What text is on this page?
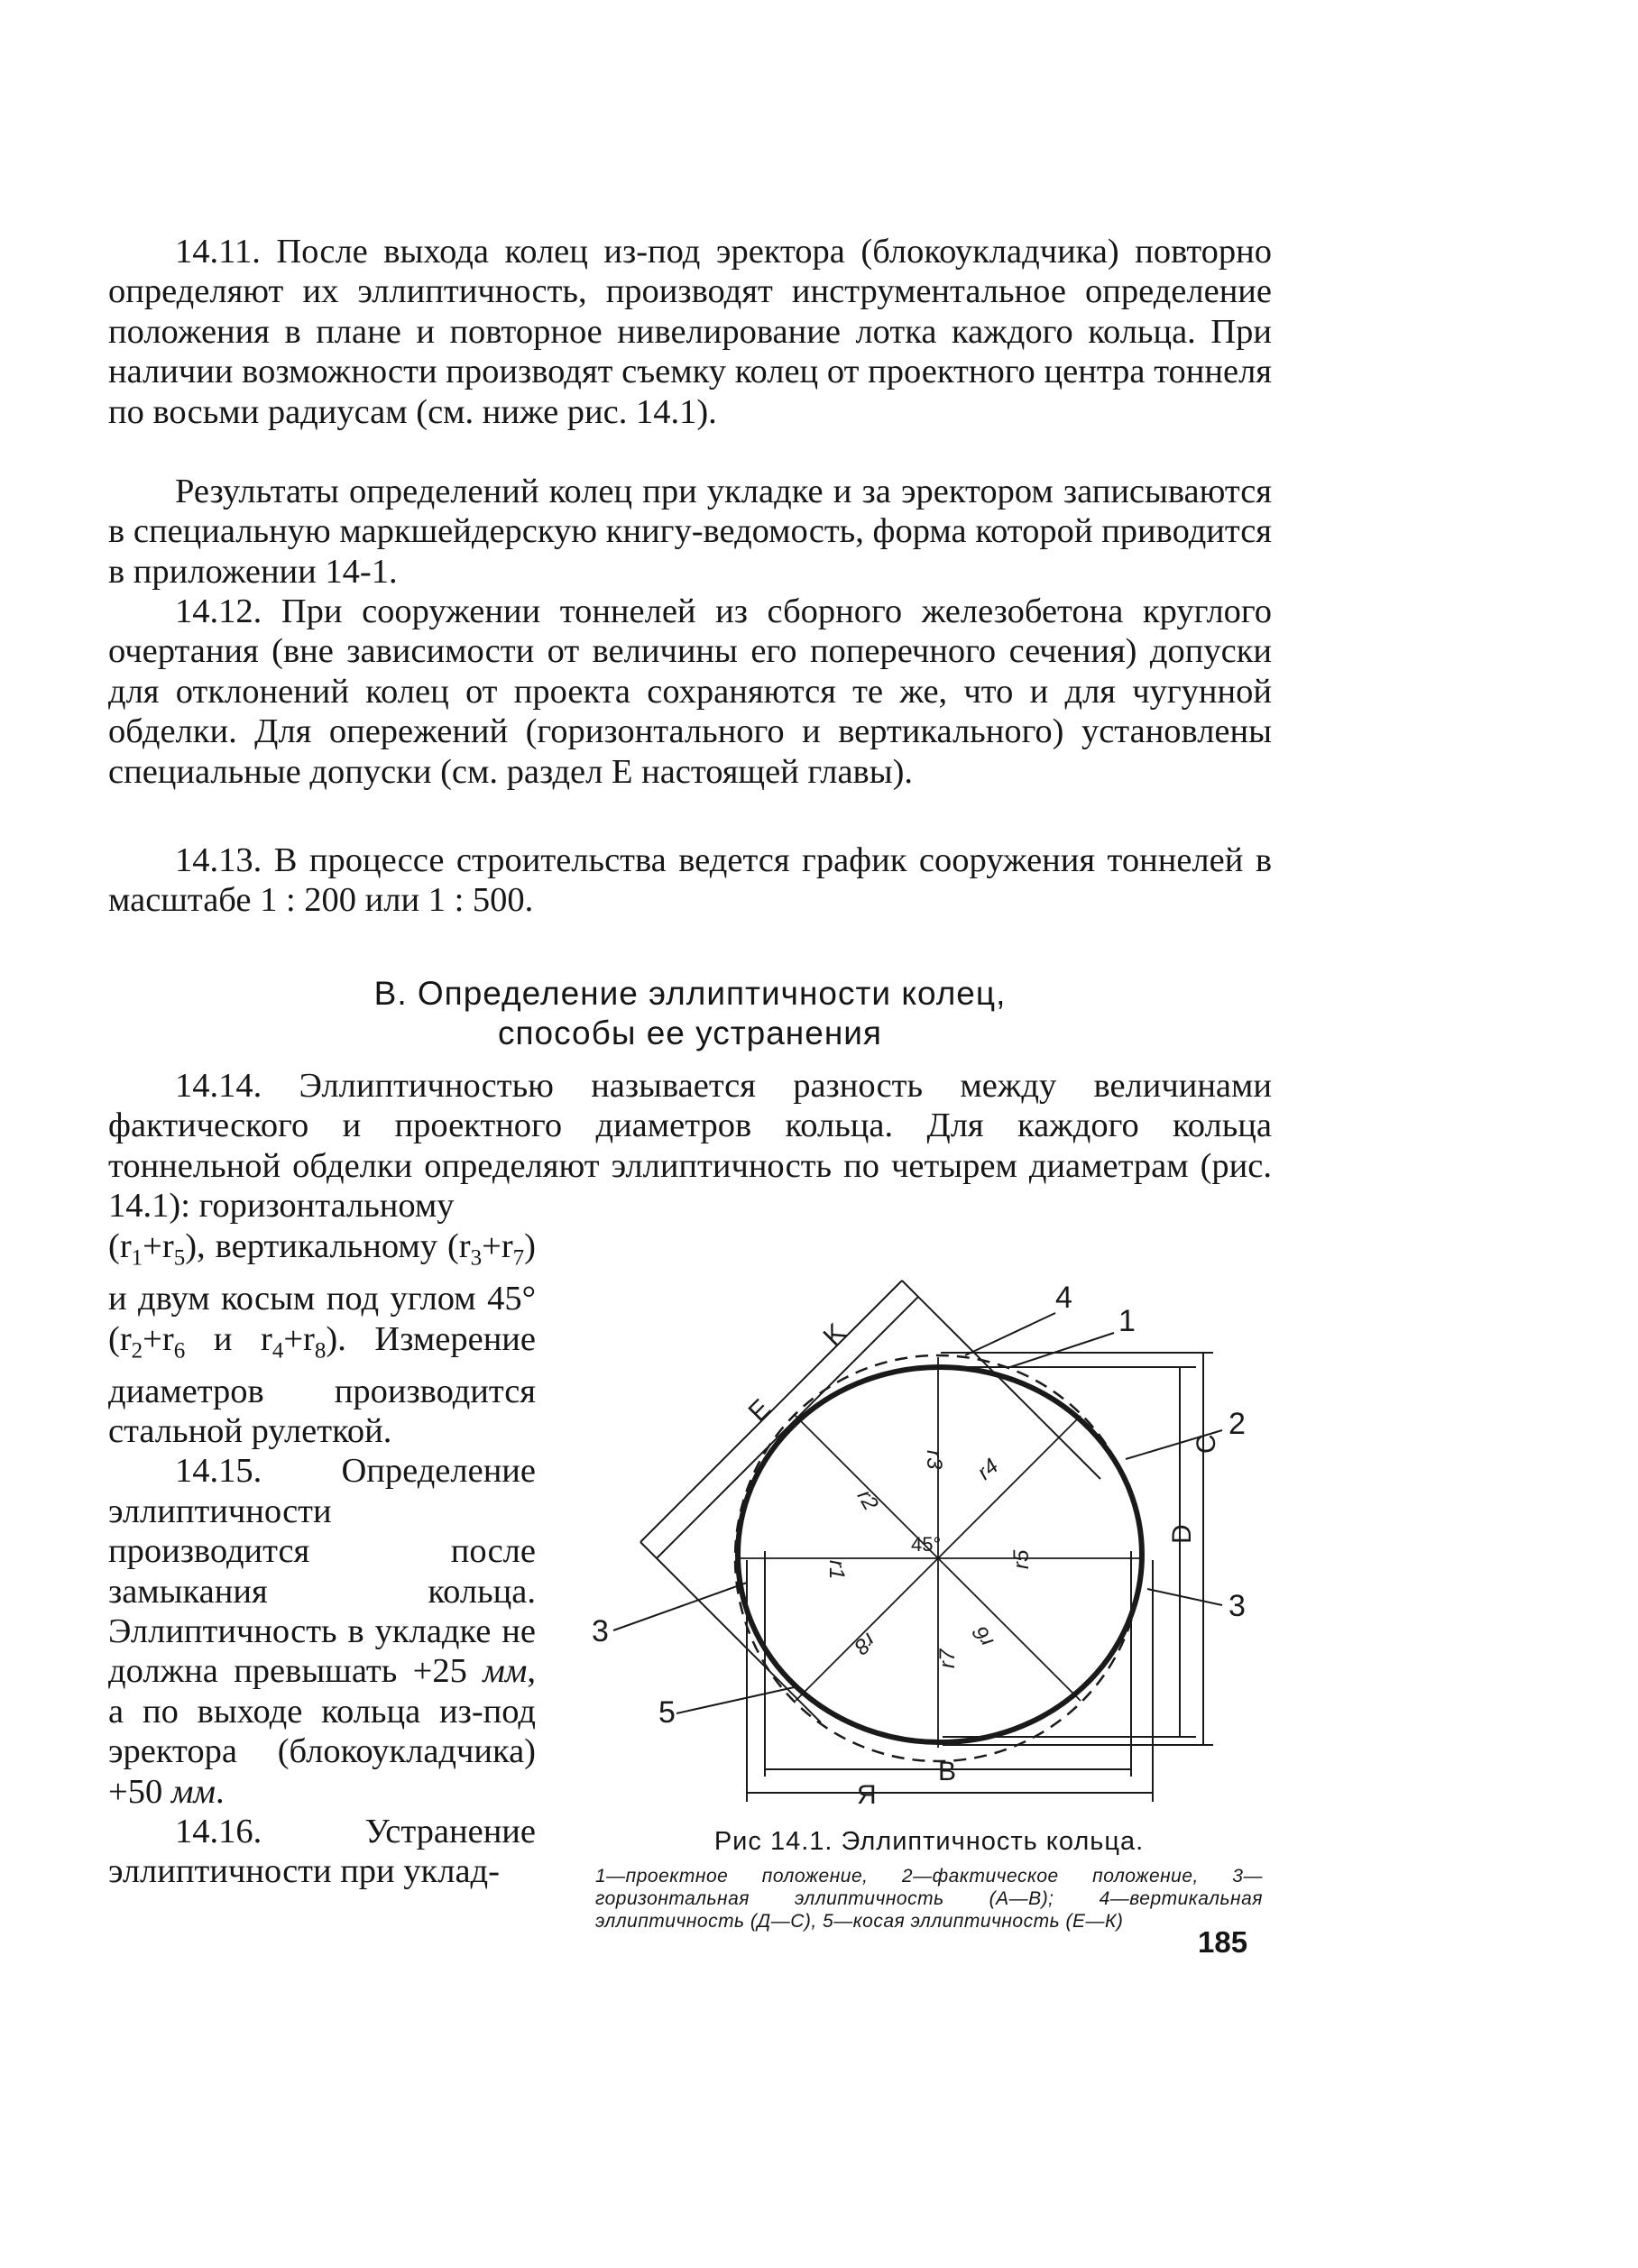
14.11. После выхода колец из-под эректора (блокоукладчика) повторно определяют их эллиптичность, производят инструментальное определение положения в плане и повторное нивелирование лотка каждого кольца. При наличии возможности производят съемку колец от проектного центра тоннеля по восьми радиусам (см. ниже рис. 14.1).

Результаты определений колец при укладке и за эректором записываются в специальную маркшейдерскую книгу-ведомость, форма которой приводится в приложении 14-1.

14.12. При сооружении тоннелей из сборного железобетона круглого очертания (вне зависимости от величины его поперечного сечения) допуски для отклонений колец от проекта сохраняются те же, что и для чугунной обделки. Для опережений (горизонтального и вертикального) установлены специальные допуски (см. раздел Е настоящей главы).

14.13. В процессе строительства ведется график сооружения тоннелей в масштабе 1 : 200 или 1 : 500.

В. Определение эллиптичности колец,
способы ее устранения

14.14. Эллиптичностью называется разность между величинами фактического и проектного диаметров кольца. Для каждого кольца тоннельной обделки определяют эллиптичность по четырем диаметрам (рис. 14.1): горизонтальному

$(r_1+r_5)$, вертикальному $(r_3+r_7)$ и двум косым под углом 45° ($r_2+r_6$ и $r_4+r_8$). Измерение диаметров производится стальной рулеткой.

14.15. Определение эллиптичности производится после замыкания кольца. Эллиптичность в укладке не должна превышать +25 мм, а по выходе кольца из-под эректора (блокоукладчика) +50 мм.

14.16. Устранение эллиптичности при уклад-

r1
r2
r3 r4
r5
r6
r7
r8
45°
E
K
D
C
B
Я
4
1
2
3
3
5
Рис 14.1. Эллиптичность кольца.
1—проектное положение, 2—фактическое положение, 3—горизонтальная эллиптичность (А—В); 4—вертикальная эллиптичность (Д—С), 5—косая эллиптичность (Е—К)
185
